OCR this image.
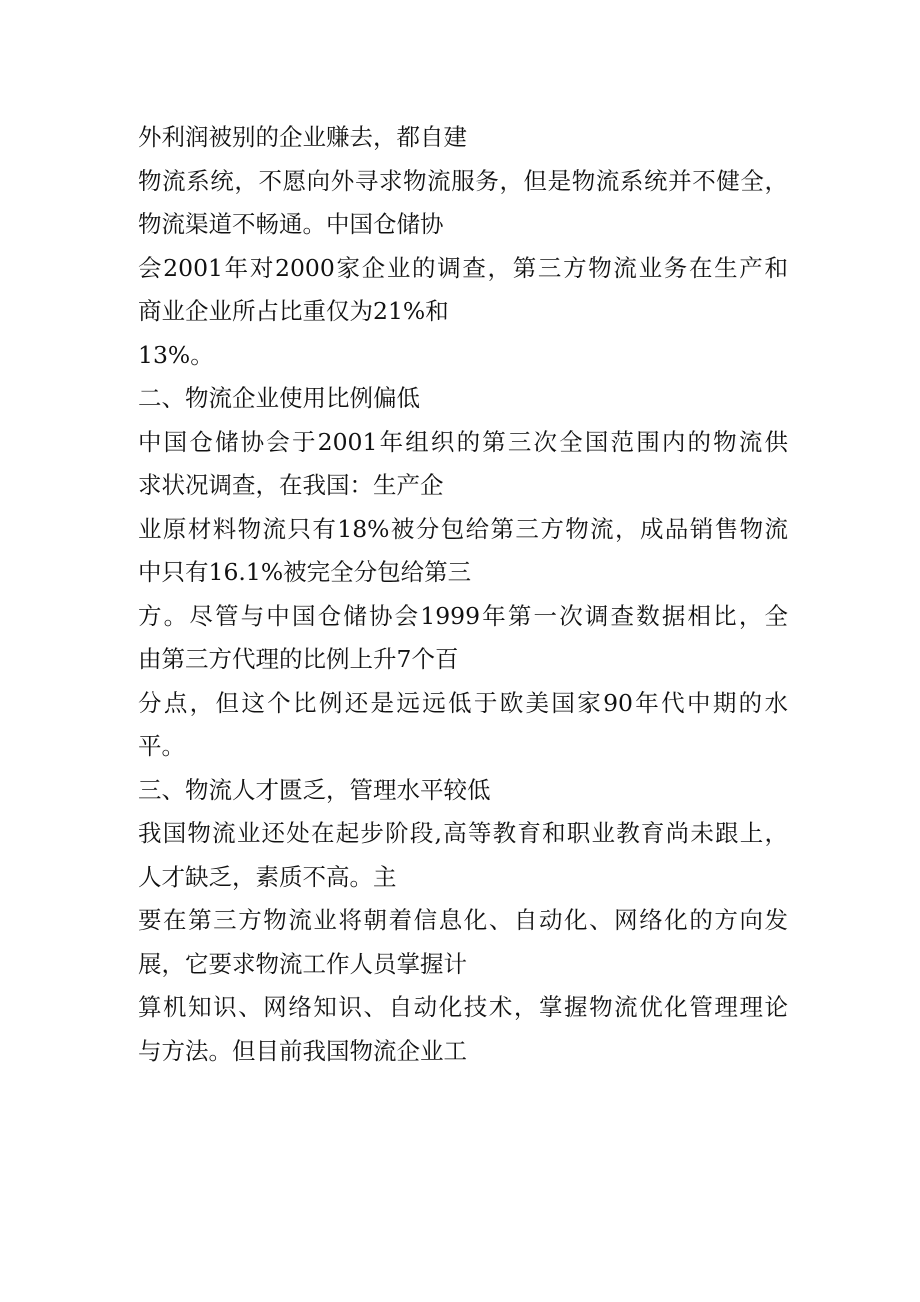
外利润被别的企业赚去，都自建
物流系统，不愿向外寻求物流服务，但是物流系统并不健全，
物流渠道不畅通。中国仓储协
会2001年对2000家企业的调查，第三方物流业务在生产和
商业企业所占比重仅为21%和
13%。
二、物流企业使用比例偏低
中国仓储协会于2001年组织的第三次全国范围内的物流供
求状况调查，在我国：生产企
业原材料物流只有18%被分包给第三方物流，成品销售物流
中只有16.1%被完全分包给第三
方。尽管与中国仓储协会1999年第一次调查数据相比，全
由第三方代理的比例上升7个百
分点，但这个比例还是远远低于欧美国家90年代中期的水
平。
三、物流人才匮乏，管理水平较低
我国物流业还处在起步阶段,高等教育和职业教育尚未跟上，
人才缺乏，素质不高。主
要在第三方物流业将朝着信息化、自动化、网络化的方向发
展，它要求物流工作人员掌握计
算机知识、网络知识、自动化技术，掌握物流优化管理理论
与方法。但目前我国物流企业工
